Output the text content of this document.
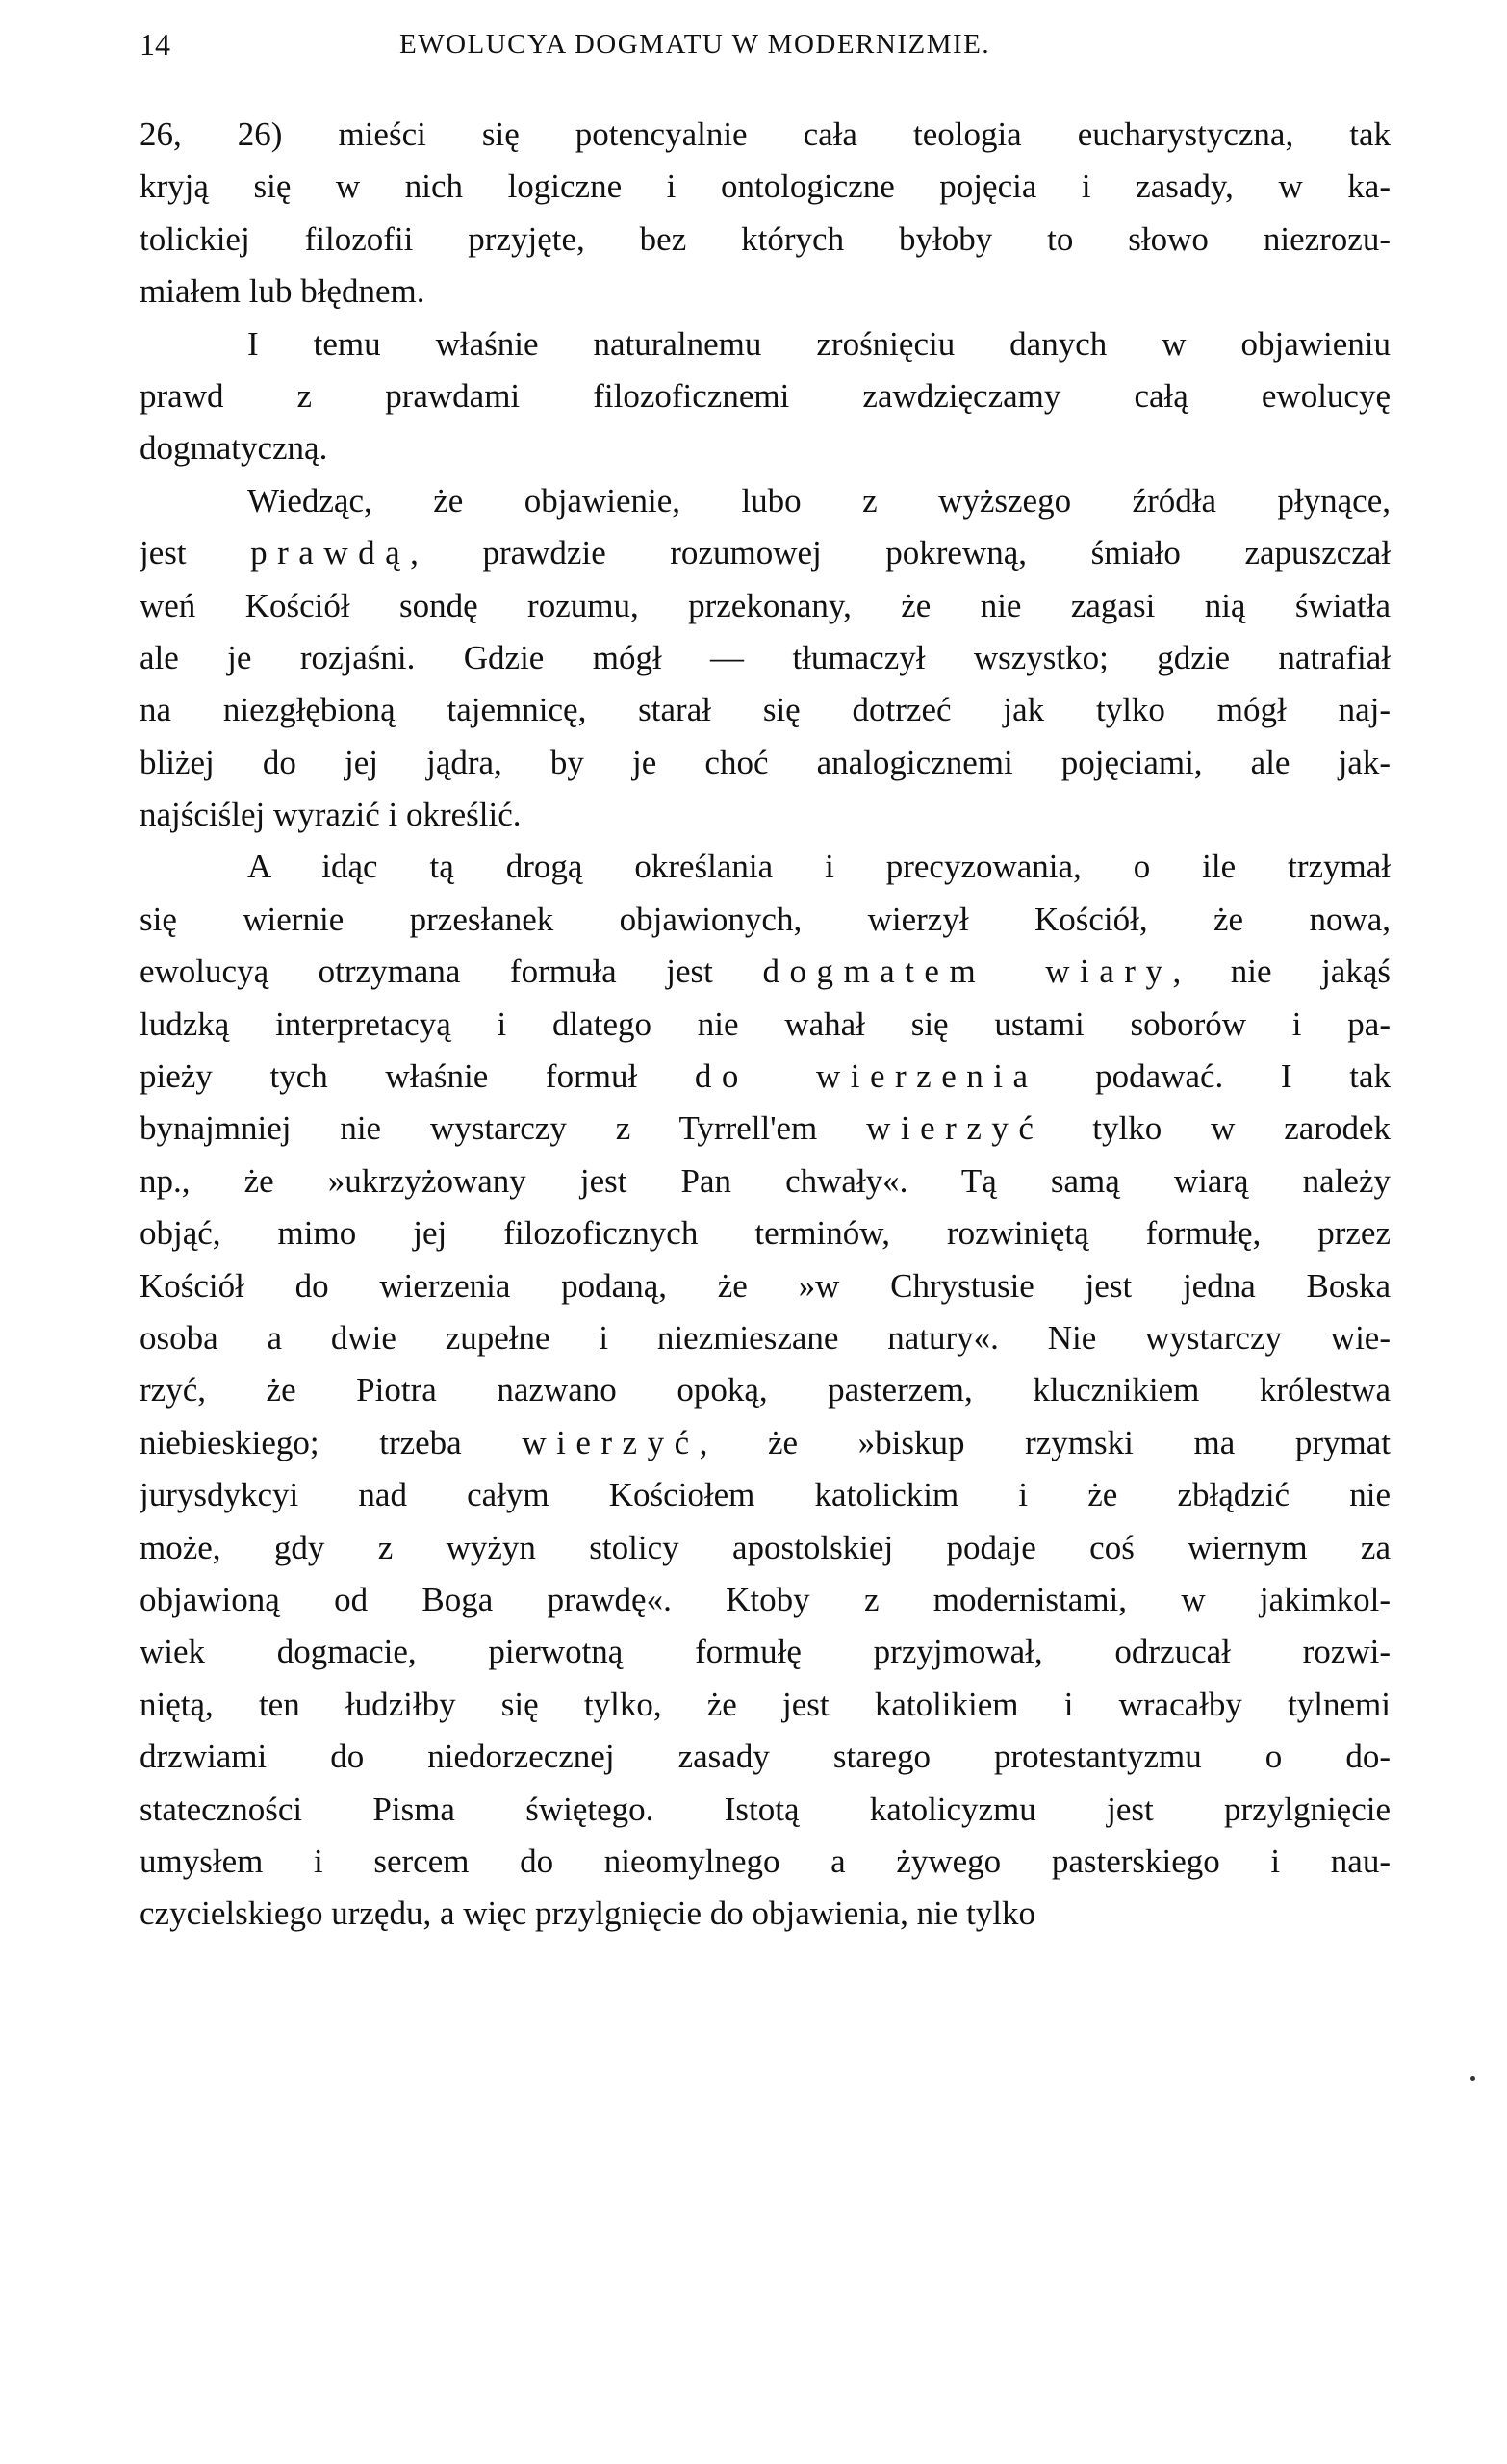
14	EWOLUCYA DOGMATU W MODERNIZMIE.
26, 26) mieści się potencyalnie cała teologia eucharystyczna, tak
kryją się w nich logiczne i ontologiczne pojęcia i zasady, w ka-
tolickiej filozofii przyjęte, bez których byłoby to słowo niezrozu-
miałem lub błędnem.
I temu właśnie naturalnemu zrośnięciu danych w objawieniu
prawd z prawdami filozoficznemi zawdzięczamy całą ewolucyę
dogmatyczną.
Wiedząc, że objawienie, lubo z wyższego źródła płynące,
jest prawdą, prawdzie rozumowej pokrewną, śmiało zapuszczał
weń Kościół sondę rozumu, przekonany, że nie zagasi nią światła
ale je rozjaśni. Gdzie mógł — tłumaczył wszystko; gdzie natrafiał
na niezgłębioną tajemnicę, starał się dotrzeć jak tylko mógł naj-
bliżej do jej jądra, by je choć analogicznemi pojęciami, ale jak-
najściślej wyrazić i określić.
A idąc tą drogą określania i precyzowania, o ile trzymał
się wiernie przesłanek objawionych, wierzył Kościół, że nowa,
ewolucyą otrzymana formuła jest dogmatem wiary, nie jakąś
ludzką interpretacyą i dlatego nie wahał się ustami soborów i pa-
pieży tych właśnie formuł do wierzenia podawać. I tak
bynajmniej nie wystarczy z Tyrrell'em wierzyć tylko w zarodek
np., że »ukrzyżowany jest Pan chwały«. Tą samą wiarą należy
objąć, mimo jej filozoficznych terminów, rozwiniętą formułę, przez
Kościół do wierzenia podaną, że »w Chrystusie jest jedna Boska
osoba a dwie zupełne i niezmieszane natury«. Nie wystarczy wie-
rzyć, że Piotra nazwano opoką, pasterzem, klucznikiem królestwa
niebieskiego; trzeba wierzyć, że »biskup rzymski ma prymat
jurysdykcyi nad całym Kościołem katolickim i że zbłądzić nie
może, gdy z wyżyn stolicy apostolskiej podaje coś wiernym za
objawioną od Boga prawdę«. Ktoby z modernistami, w jakimkol-
wiek dogmacie, pierwotną formułę przyjmował, odrzucał rozwi-
niętą, ten łudziłby się tylko, że jest katolikiem i wracałby tylnemi
drzwiami do niedorzecznej zasady starego protestantyzmu o do-
stateczności Pisma świętego. Istotą katolicyzmu jest przylgnięcie
umysłem i sercem do nieomylnego a żywego pasterskiego i nau-
czycielskiego urzędu, a więc przylgnięcie do objawienia, nie tylko
